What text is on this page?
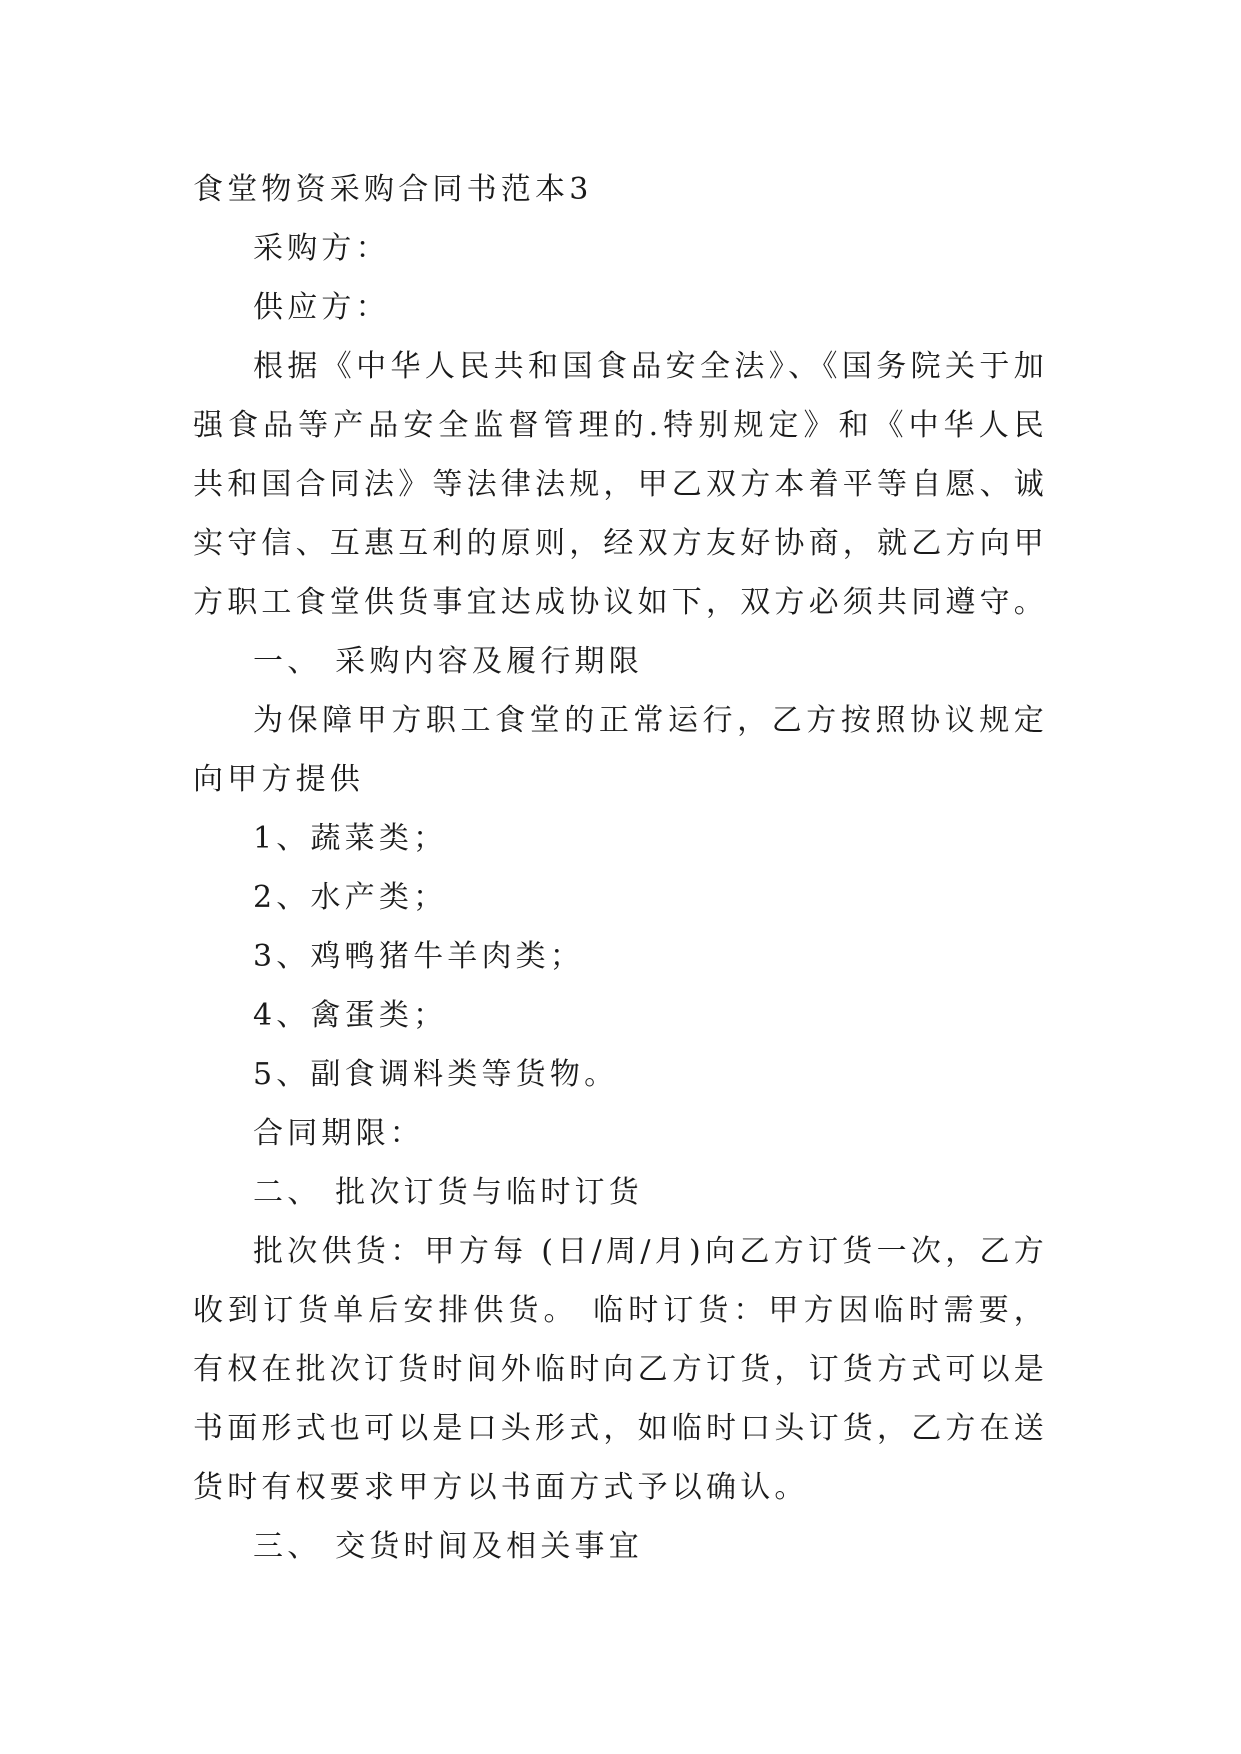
食堂物资采购合同书范本3

采购方：

供应方：

根据《中华人民共和国食品安全法》、《国务院关于加强食品等产品安全监督管理的.特别规定》和《中华人民共和国合同法》等法律法规，甲乙双方本着平等自愿、诚实守信、互惠互利的原则，经双方友好协商，就乙方向甲方职工食堂供货事宜达成协议如下，双方必须共同遵守。

一、 采购内容及履行期限

为保障甲方职工食堂的正常运行，乙方按照协议规定向甲方提供

1、蔬菜类；

2、水产类；

3、鸡鸭猪牛羊肉类；

4、禽蛋类；

5、副食调料类等货物。

合同期限：

二、 批次订货与临时订货

批次供货：甲方每 (日/周/月)向乙方订货一次，乙方收到订货单后安排供货。 临时订货：甲方因临时需要，有权在批次订货时间外临时向乙方订货，订货方式可以是书面形式也可以是口头形式，如临时口头订货，乙方在送货时有权要求甲方以书面方式予以确认。

三、 交货时间及相关事宜
